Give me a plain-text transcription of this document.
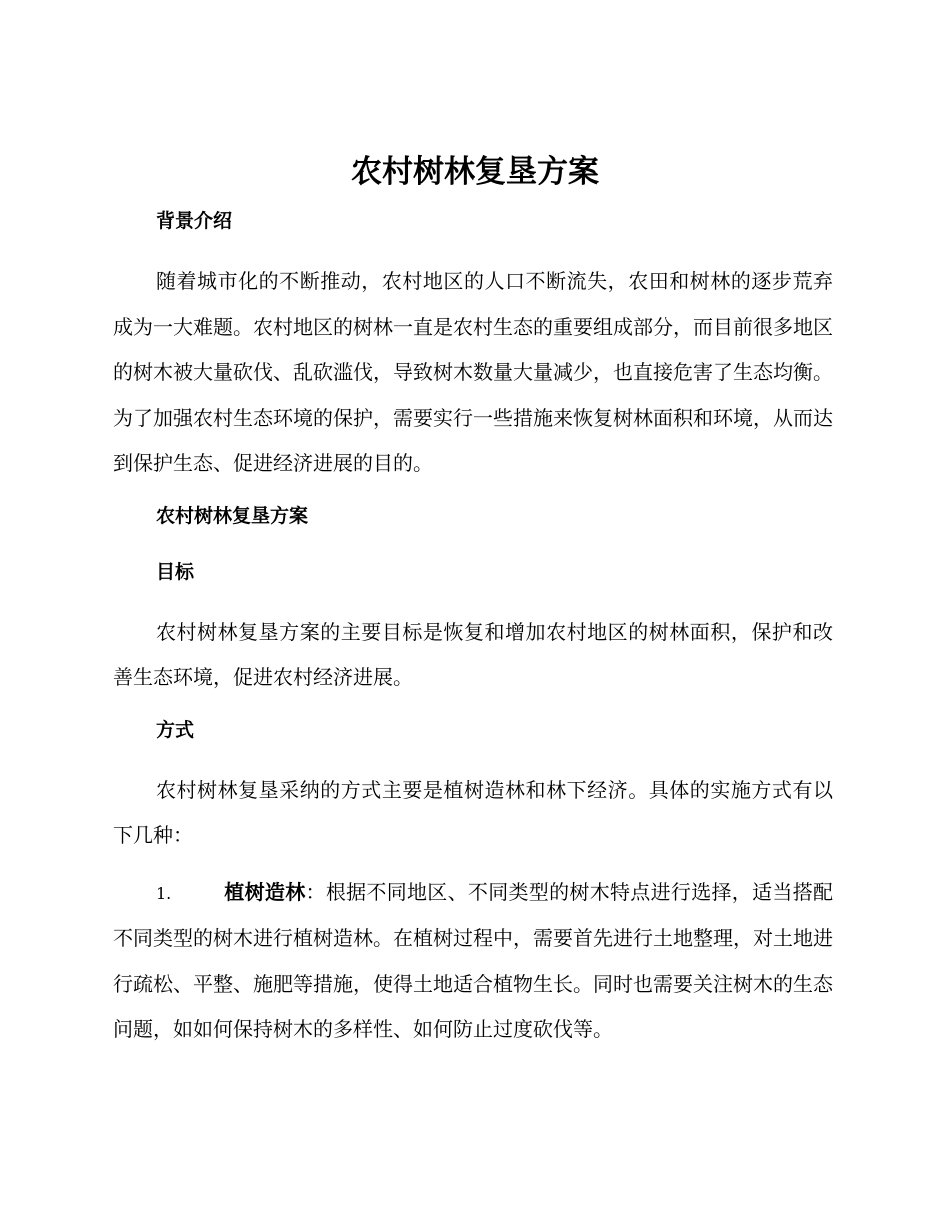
农村树林复垦方案
背景介绍

随着城市化的不断推动，农村地区的人口不断流失，农田和树林的逐步荒弃成为一大难题。农村地区的树林一直是农村生态的重要组成部分，而目前很多地区的树木被大量砍伐、乱砍滥伐，导致树木数量大量减少，也直接危害了生态均衡。为了加强农村生态环境的保护，需要实行一些措施来恢复树林面积和环境，从而达到保护生态、促进经济进展的目的。

农村树林复垦方案
目标

农村树林复垦方案的主要目标是恢复和增加农村地区的树林面积，保护和改善生态环境，促进农村经济进展。

方式

农村树林复垦采纳的方式主要是植树造林和林下经济。具体的实施方式有以下几种：

1.	植树造林：根据不同地区、不同类型的树木特点进行选择，适当搭配不同类型的树木进行植树造林。在植树过程中，需要首先进行土地整理，对土地进行疏松、平整、施肥等措施，使得土地适合植物生长。同时也需要关注树木的生态问题，如如何保持树木的多样性、如何防止过度砍伐等。
